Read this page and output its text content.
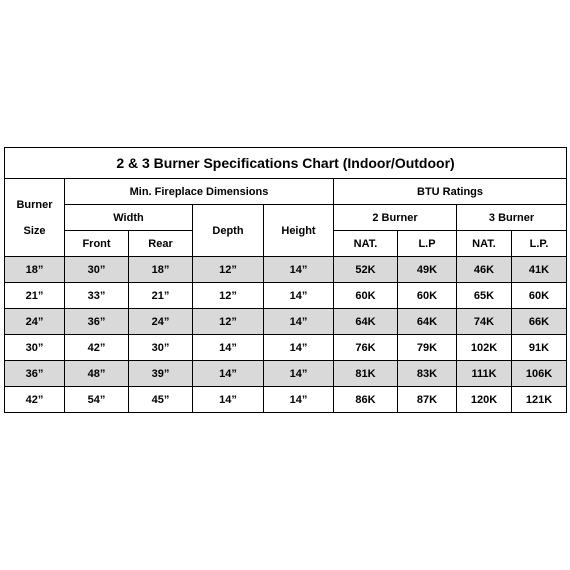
2 & 3 Burner Specifications Chart (Indoor/Outdoor)								
Burner
Size	Min. Fireplace Dimensions				BTU Ratings			
	Width		Depth	Height	2 Burner		3 Burner	
	Front	Rear			NAT.	L.P	NAT.	L.P.
18”	30”	18”	12”	14”	52K	49K	46K	41K
21”	33”	21”	12”	14”	60K	60K	65K	60K
24”	36”	24”	12”	14”	64K	64K	74K	66K
30”	42”	30”	14”	14”	76K	79K	102K	91K
36”	48”	39”	14”	14”	81K	83K	111K	106K
42”	54”	45”	14”	14”	86K	87K	120K	121K
